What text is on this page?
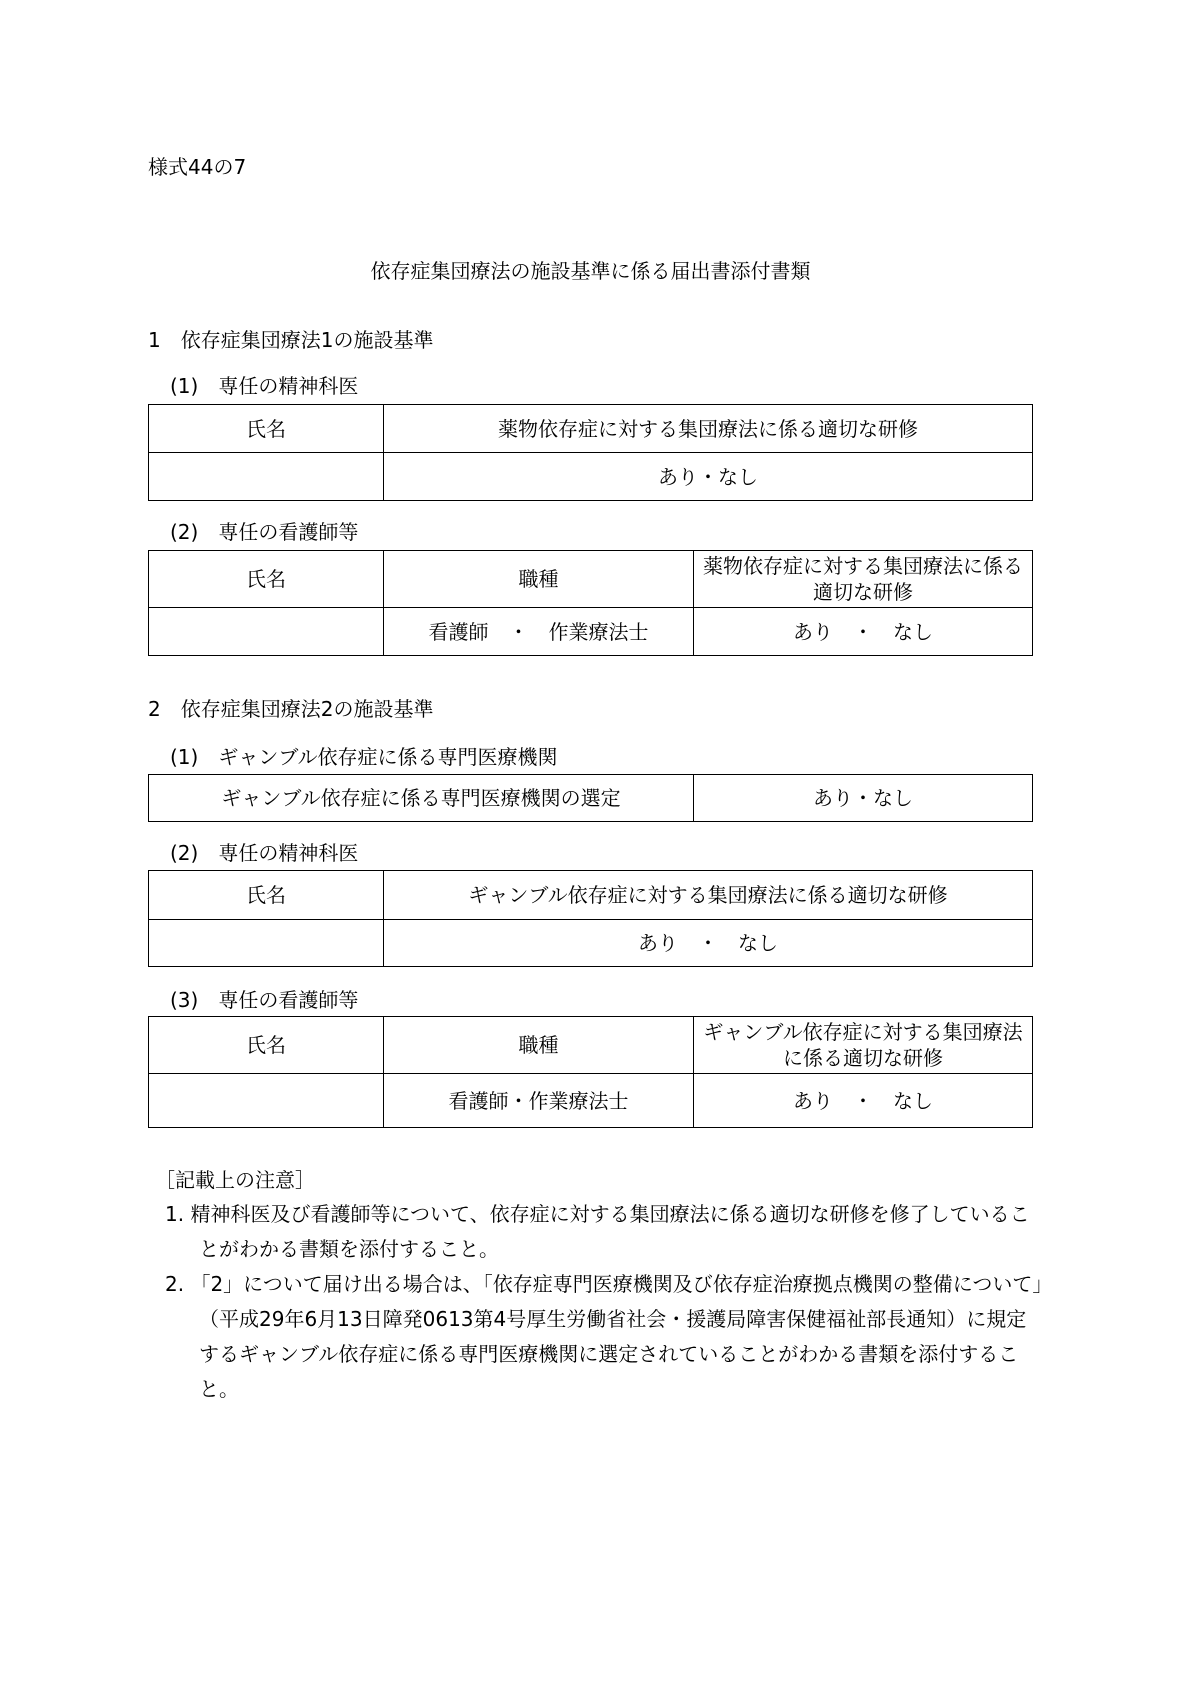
様式44の7
依存症集団療法の施設基準に係る届出書添付書類
1　依存症集団療法1の施設基準
(1)　専任の精神科医
氏名	薬物依存症に対する集団療法に係る適切な研修
	あり・なし
(2)　専任の看護師等
氏名	職種	薬物依存症に対する集団療法に係る適切な研修
	看護師　・　作業療法士	あり　・　なし
2　依存症集団療法2の施設基準
(1)　ギャンブル依存症に係る専門医療機関
ギャンブル依存症に係る専門医療機関の選定	あり・なし
(2)　専任の精神科医
氏名	ギャンブル依存症に対する集団療法に係る適切な研修
	あり　・　なし
(3)　専任の看護師等
氏名	職種	ギャンブル依存症に対する集団療法に係る適切な研修
	看護師・作業療法士	あり　・　なし
［記載上の注意］
1. 精神科医及び看護師等について、依存症に対する集団療法に係る適切な研修を修了していることがわかる書類を添付すること。
2. 「2」について届け出る場合は、「依存症専門医療機関及び依存症治療拠点機関の整備について」（平成29年6月13日障発0613第4号厚生労働省社会・援護局障害保健福祉部長通知）に規定するギャンブル依存症に係る専門医療機関に選定されていることがわかる書類を添付すること。
